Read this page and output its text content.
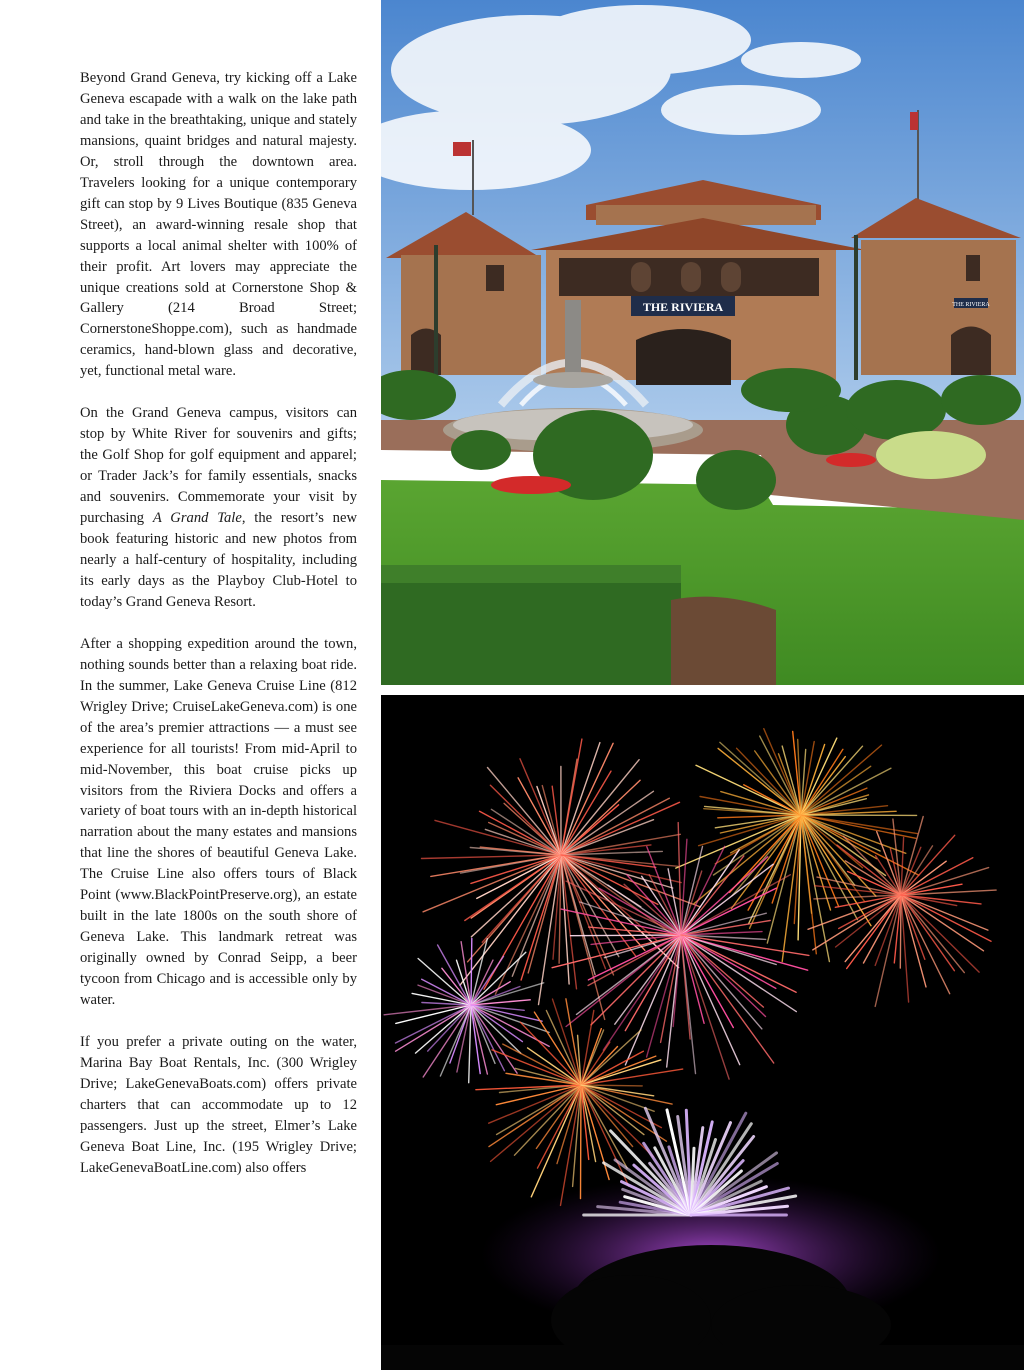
Beyond Grand Geneva, try kicking off a Lake Geneva escapade with a walk on the lake path and take in the breathtaking, unique and stately mansions, quaint bridges and natural majesty. Or, stroll through the downtown area. Travelers looking for a unique contemporary gift can stop by 9 Lives Boutique (835 Geneva Street), an award-winning resale shop that supports a local animal shelter with 100% of their profit. Art lovers may appreciate the unique creations sold at Cornerstone Shop & Gallery (214 Broad Street; CornerstoneShoppe.com), such as handmade ceramics, hand-blown glass and decorative, yet, functional metal ware.

On the Grand Geneva campus, visitors can stop by White River for souvenirs and gifts; the Golf Shop for golf equipment and apparel; or Trader Jack’s for family essentials, snacks and souvenirs. Commemorate your visit by purchasing A Grand Tale, the resort’s new book featuring historic and new photos from nearly a half-century of hospitality, including its early days as the Playboy Club-Hotel to today’s Grand Geneva Resort.

After a shopping expedition around the town, nothing sounds better than a relaxing boat ride. In the summer, Lake Geneva Cruise Line (812 Wrigley Drive; CruiseLakeGeneva.com) is one of the area’s premier attractions — a must see experience for all tourists! From mid-April to mid-November, this boat cruise picks up visitors from the Riviera Docks and offers a variety of boat tours with an in-depth historical narration about the many estates and mansions that line the shores of beautiful Geneva Lake. The Cruise Line also offers tours of Black Point (www.BlackPointPreserve.org), an estate built in the late 1800s on the south shore of Geneva Lake. This landmark retreat was originally owned by Conrad Seipp, a beer tycoon from Chicago and is accessible only by water.

If you prefer a private outing on the water, Marina Bay Boat Rentals, Inc. (300 Wrigley Drive; LakeGenevaBoats.com) offers private charters that can accommodate up to 12 passengers. Just up the street, Elmer’s Lake Geneva Boat Line, Inc. (195 Wrigley Drive; LakeGenevaBoatLine.com) also offers

THE RIVIERA	THE RIVIERA
